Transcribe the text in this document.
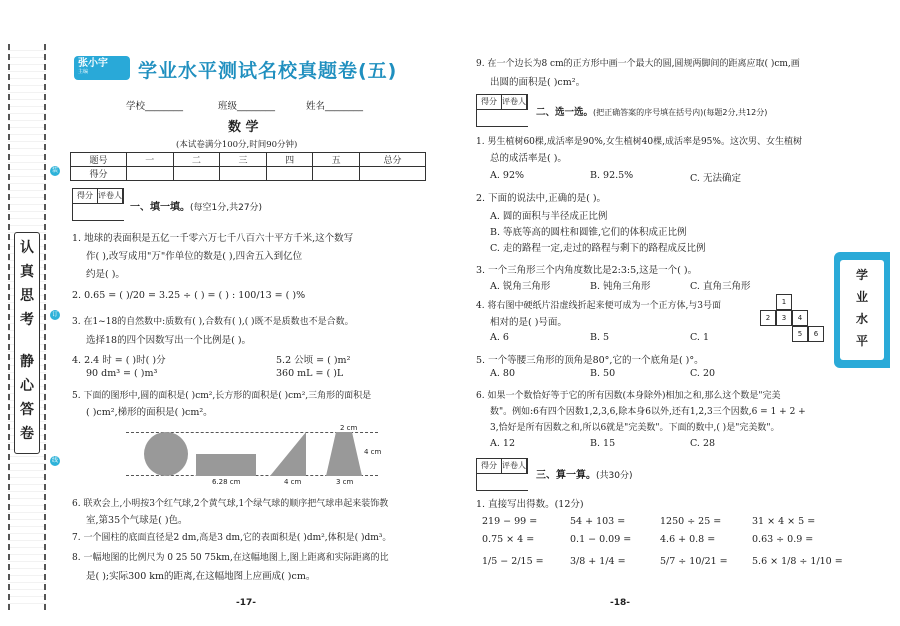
认
真
思
考
静
心
答
卷
装
订
线
张小宇
主编	学业水平测试名校真题卷(五)
学校________	班级________	姓名________
数 学
(本试卷满分100分,时间90分钟)
题号	一	二	三	四	五	总分
得分						
得分 评卷人
一、填一填。(每空1分,共27分)
1. 地球的表面积是五亿一千零六万七千八百六十平方千米,这个数写
作( ),改写成用"万"作单位的数是( ),四舍五入到亿位
约是( )。
2. 0.65 = ( )/20 = 3.25 ÷ ( ) = ( ) : 100/13 = ( )%
3. 在1~18的自然数中:质数有( ),合数有( ),( )既不是质数也不是合数。
选择18的四个因数写出一个比例是( )。
4. 2.4 时 = ( )时( )分	5.2 公顷 = ( )m²
90 dm³ = ( )m³	360 mL = ( )L
5. 下面的图形中,圆的面积是( )cm²,长方形的面积是( )cm²,三角形的面积是
( )cm²,梯形的面积是( )cm²。
2 cm
4 cm
6.28 cm	4 cm	3 cm
6. 联欢会上,小明按3个红气球,2个黄气球,1个绿气球的顺序把气球串起来装饰教
室,第35个气球是( )色。
7. 一个圆柱的底面直径是2 dm,高是3 dm,它的表面积是( )dm²,体积是( )dm³。
8. 一幅地图的比例尺为 0 25 50 75km,在这幅地图上,图上距离和实际距离的比
是( );实际300 km的距离,在这幅地图上应画成( )cm。
-17-
9. 在一个边长为8 cm的正方形中画一个最大的圆,圆规两脚间的距离应取( )cm,画
出圆的面积是( )cm²。
得分 评卷人
二、选一选。(把正确答案的序号填在括号内)(每题2分,共12分)
1. 男生植树60棵,成活率是90%,女生植树40棵,成活率是95%。这次男、女生植树
总的成活率是( )。
A. 92%	B. 92.5%	C. 无法确定
2. 下面的说法中,正确的是( )。
A. 圆的面积与半径成正比例
B. 等底等高的圆柱和圆锥,它们的体积成正比例
C. 走的路程一定,走过的路程与剩下的路程成反比例
3. 一个三角形三个内角度数比是2:3:5,这是一个( )。
A. 锐角三角形	B. 钝角三角形	C. 直角三角形
4. 将右图中硬纸片沿虚线折起来便可成为一个正方体,与3号面
相对的是( )号面。
A. 6	B. 5	C. 1
1
2	3	4
5	6
5. 一个等腰三角形的顶角是80°,它的一个底角是( )°。
A. 80	B. 50	C. 20
6. 如果一个数恰好等于它的所有因数(本身除外)相加之和,那么这个数是"完美
数"。例如:6有四个因数1,2,3,6,除本身6以外,还有1,2,3三个因数,6 = 1 + 2 +
3,恰好是所有因数之和,所以6就是"完美数"。下面的数中,( )是"完美数"。
A. 12	B. 15	C. 28
得分 评卷人
三、算一算。(共30分)
1. 直接写出得数。(12分)
219 − 99 =	54 + 103 =	1250 ÷ 25 =	31 × 4 × 5 =
0.75 × 4 =	0.1 − 0.09 =	4.6 + 0.8 =	0.63 ÷ 0.9 =
1/5 − 2/15 =	3/8 + 1/4 =	5/7 ÷ 10/21 =	5.6 × 1/8 ÷ 1/10 =
-18-
学
业
水
平
